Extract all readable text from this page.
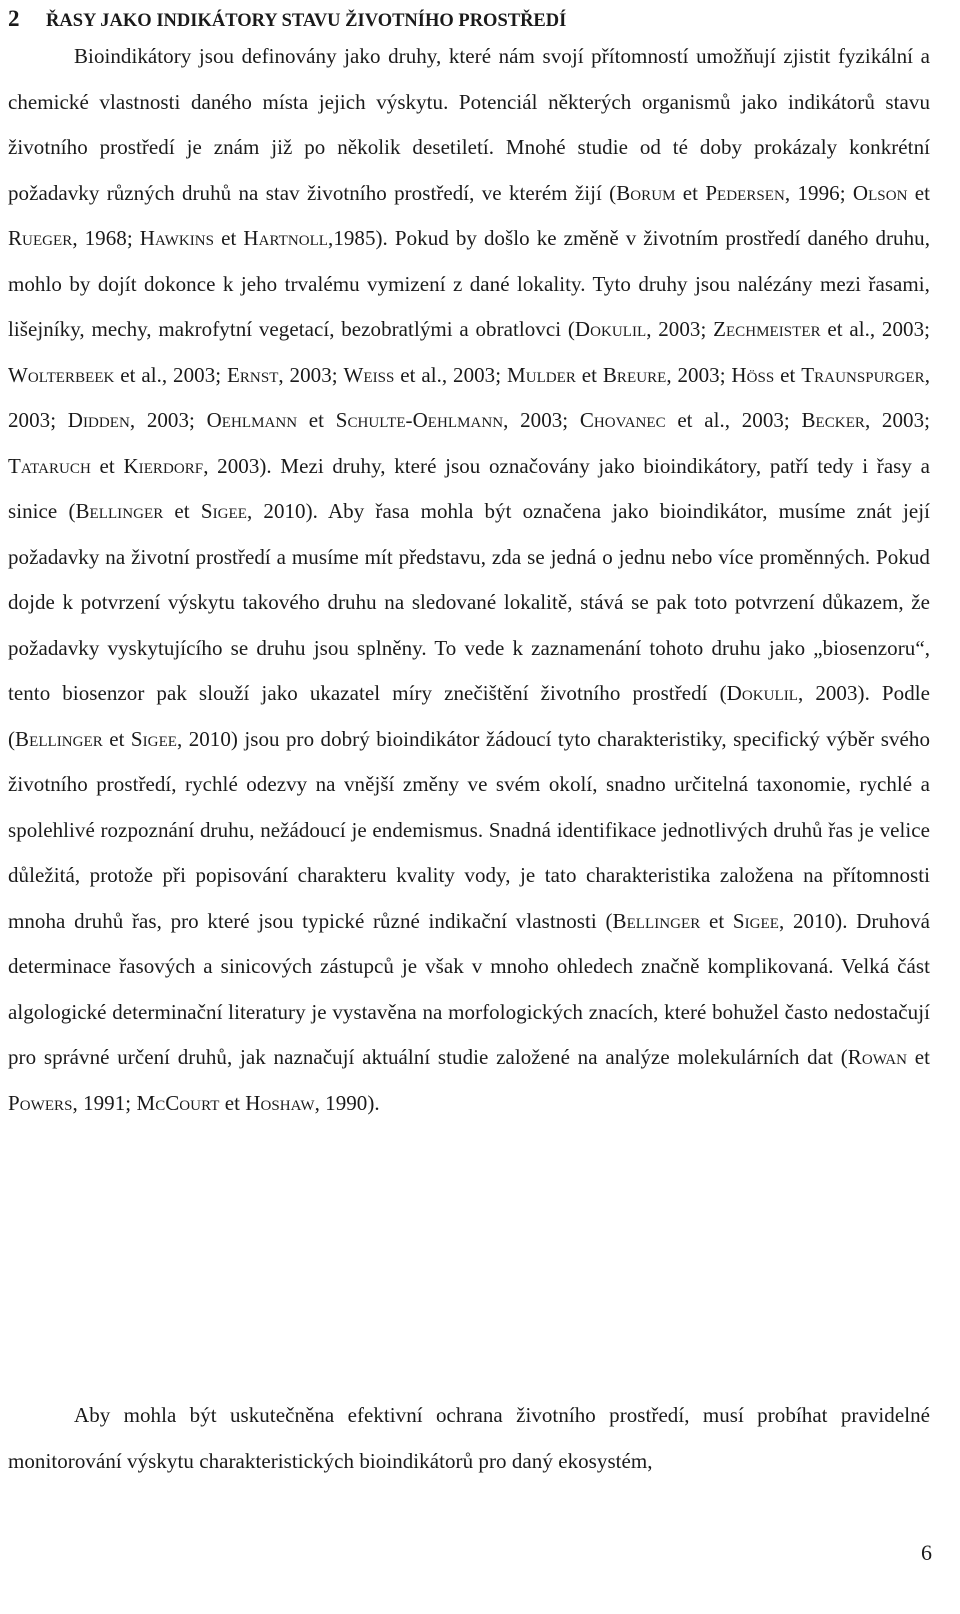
2 ŘASY JAKO INDIKÁTORY STAVU ŽIVOTNÍHO PROSTŘEDÍ

Bioindikátory jsou definovány jako druhy, které nám svojí přítomností umožňují zjistit fyzikální a chemické vlastnosti daného místa jejich výskytu. Potenciál některých organismů jako indikátorů stavu životního prostředí je znám již po několik desetiletí. Mnohé studie od té doby prokázaly konkrétní požadavky různých druhů na stav životního prostředí, ve kterém žijí (Borum et Pedersen, 1996; Olson et Rueger, 1968; Hawkins et Hartnoll,1985). Pokud by došlo ke změně v životním prostředí daného druhu, mohlo by dojít dokonce k jeho trvalému vymizení z dané lokality. Tyto druhy jsou nalézány mezi řasami, lišejníky, mechy, makrofytní vegetací, bezobratlými a obratlovci (Dokulil, 2003; Zechmeister et al., 2003; Wolterbeek et al., 2003; Ernst, 2003; Weiss et al., 2003; Mulder et Breure, 2003; Höss et Traunspurger, 2003; Didden, 2003; Oehlmann et Schulte-Oehlmann, 2003; Chovanec et al., 2003; Becker, 2003; Tataruch et Kierdorf, 2003). Mezi druhy, které jsou označovány jako bioindikátory, patří tedy i řasy a sinice (Bellinger et Sigee, 2010). Aby řasa mohla být označena jako bioindikátor, musíme znát její požadavky na životní prostředí a musíme mít představu, zda se jedná o jednu nebo více proměnných. Pokud dojde k potvrzení výskytu takového druhu na sledované lokalitě, stává se pak toto potvrzení důkazem, že požadavky vyskytujícího se druhu jsou splněny. To vede k zaznamenání tohoto druhu jako „biosenzoru“, tento biosenzor pak slouží jako ukazatel míry znečištění životního prostředí (Dokulil, 2003). Podle (Bellinger et Sigee, 2010) jsou pro dobrý bioindikátor žádoucí tyto charakteristiky, specifický výběr svého životního prostředí, rychlé odezvy na vnější změny ve svém okolí, snadno určitelná taxonomie, rychlé a spolehlivé rozpoznání druhu, nežádoucí je endemismus. Snadná identifikace jednotlivých druhů řas je velice důležitá, protože při popisování charakteru kvality vody, je tato charakteristika založena na přítomnosti mnoha druhů řas, pro které jsou typické různé indikační vlastnosti (Bellinger et Sigee, 2010). Druhová determinace řasových a sinicových zástupců je však v mnoho ohledech značně komplikovaná. Velká část algologické determinační literatury je vystavěna na morfologických znacích, které bohužel často nedostačují pro správné určení druhů, jak naznačují aktuální studie založené na analýze molekulárních dat (Rowan et Powers, 1991; McCourt et Hoshaw, 1990).

Aby mohla být uskutečněna efektivní ochrana životního prostředí, musí probíhat pravidelné monitorování výskytu charakteristických bioindikátorů pro daný ekosystém,

6
